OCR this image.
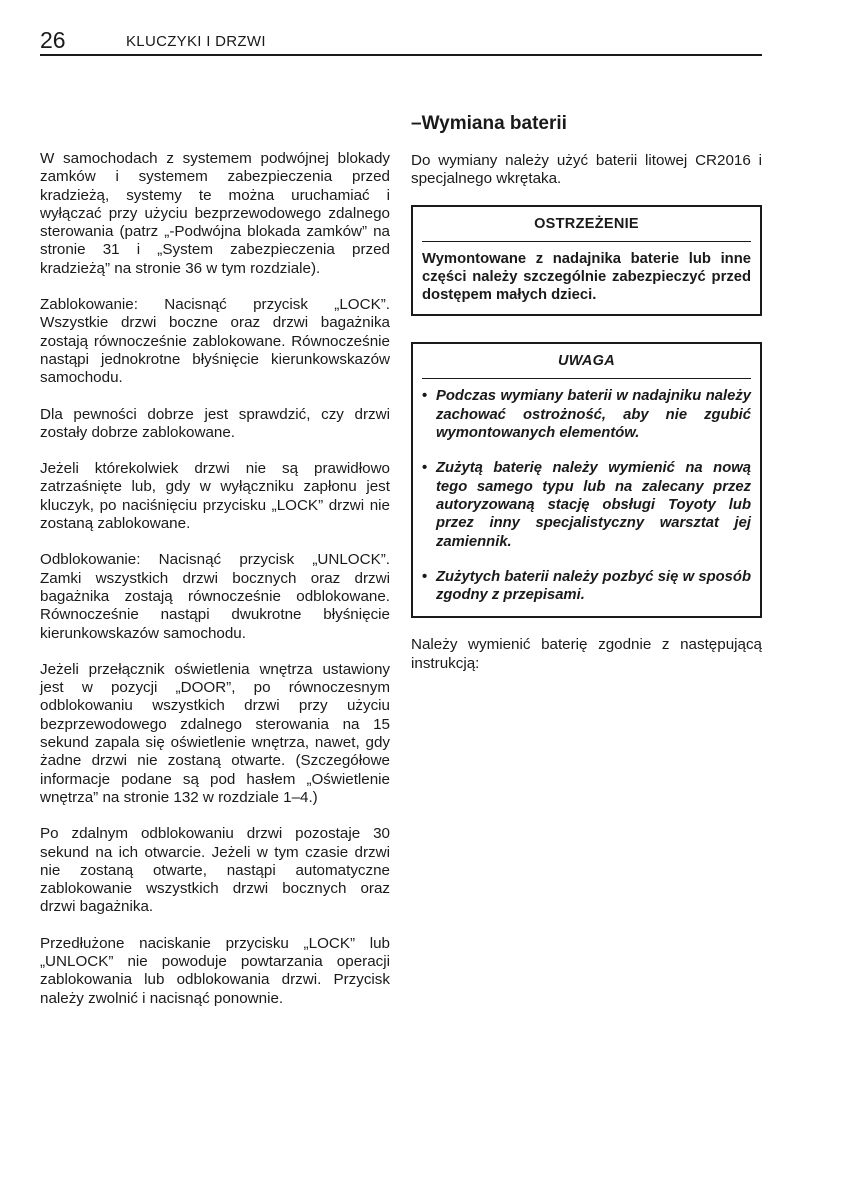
26	KLUCZYKI I DRZWI

W samochodach z systemem podwójnej blokady zamków i systemem zabezpieczenia przed kradzieżą, systemy te można uruchamiać i wyłączać przy użyciu bezprzewodowego zdalnego sterowania (patrz „-Podwójna blokada zamków” na stronie 31 i „System zabezpieczenia przed kradzieżą” na stronie 36 w tym rozdziale).

Zablokowanie: Nacisnąć przycisk „LOCK”. Wszystkie drzwi boczne oraz drzwi bagażnika zostają równocześnie zablokowane. Równocześnie nastąpi jednokrotne błyśnięcie kierunkowskazów samochodu.

Dla pewności dobrze jest sprawdzić, czy drzwi zostały dobrze zablokowane.

Jeżeli którekolwiek drzwi nie są prawidłowo zatrzaśnięte lub, gdy w wyłączniku zapłonu jest kluczyk, po naciśnięciu przycisku „LOCK” drzwi nie zostaną zablokowane.

Odblokowanie: Nacisnąć przycisk „UNLOCK”. Zamki wszystkich drzwi bocznych oraz drzwi bagażnika zostają równocześnie odblokowane. Równocześnie nastąpi dwukrotne błyśnięcie kierunkowskazów samochodu.

Jeżeli przełącznik oświetlenia wnętrza ustawiony jest w pozycji „DOOR”, po równoczesnym odblokowaniu wszystkich drzwi przy użyciu bezprzewodowego zdalnego sterowania na 15 sekund zapala się oświetlenie wnętrza, nawet, gdy żadne drzwi nie zostaną otwarte. (Szczegółowe informacje podane są pod hasłem „Oświetlenie wnętrza” na stronie 132 w rozdziale 1–4.)

Po zdalnym odblokowaniu drzwi pozostaje 30 sekund na ich otwarcie. Jeżeli w tym czasie drzwi nie zostaną otwarte, nastąpi automatyczne zablokowanie wszystkich drzwi bocznych oraz drzwi bagażnika.

Przedłużone naciskanie przycisku „LOCK” lub „UNLOCK” nie powoduje powtarzania operacji zablokowania lub odblokowania drzwi. Przycisk należy zwolnić i nacisnąć ponownie.

–Wymiana baterii

Do wymiany należy użyć baterii litowej CR2016 i specjalnego wkrętaka.

OSTRZEŻENIE
Wymontowane z nadajnika baterie lub inne części należy szczególnie zabezpieczyć przed dostępem małych dzieci.
UWAGA
• Podczas wymiany baterii w nadajniku należy zachować ostrożność, aby nie zgubić wymontowanych elementów.
• Zużytą baterię należy wymienić na nową tego samego typu lub na zalecany przez autoryzowaną stację obsługi Toyoty lub przez inny specjalistyczny warsztat jej zamiennik.
• Zużytych baterii należy pozbyć się w sposób zgodny z przepisami.

Należy wymienić baterię zgodnie z następującą instrukcją:
